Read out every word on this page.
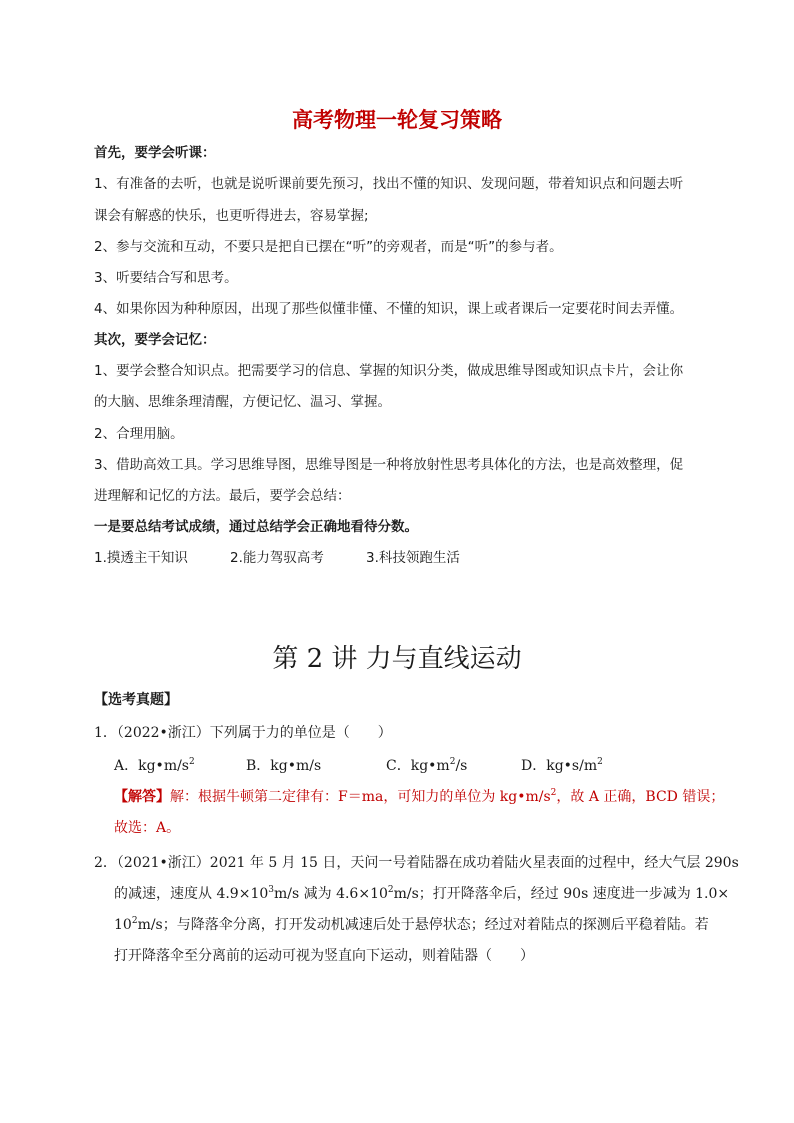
高考物理一轮复习策略
首先，要学会听课：
1、有准备的去听，也就是说听课前要先预习，找出不懂的知识、发现问题，带着知识点和问题去听
课会有解惑的快乐，也更听得进去，容易掌握;
2、参与交流和互动，不要只是把自已摆在“听”的旁观者，而是“听”的参与者。
3、听要结合写和思考。
4、如果你因为种种原因，出现了那些似懂非懂、不懂的知识，课上或者课后一定要花时间去弄懂。
其次，要学会记忆：
1、要学会整合知识点。把需要学习的信息、掌握的知识分类，做成思维导图或知识点卡片，会让你
的大脑、思维条理清醒，方便记忆、温习、掌握。
2、合理用脑。
3、借助高效工具。学习思维导图，思维导图是一种将放射性思考具体化的方法，也是高效整理，促
进理解和记忆的方法。最后，要学会总结：
一是要总结考试成绩，通过总结学会正确地看待分数。
1.摸透主干知识	2.能力驾驭高考	3.科技领跑生活
第 2 讲 力与直线运动
【选考真题】
1．（2022•浙江）下列属于力的单位是（　　）
A．$kg•m/s^2$	B．kg•m/s	C．$kg•m^2/s$	D．$kg•s/m^2$
【解答】解：根据牛顿第二定律有：F＝ma，可知力的单位为 $kg•m/s^2$，故 A 正确，BCD 错误；
故选：A。
2．（2021•浙江）2021 年 5 月 15 日，天问一号着陆器在成功着陆火星表面的过程中，经大气层 290s
的减速，速度从 $4.9\times 10^3m/s$ 减为 $4.6\times 10^2m/s$；打开降落伞后，经过 90s 速度进一步减为 1.0×
$10^2m/s$；与降落伞分离，打开发动机减速后处于悬停状态；经过对着陆点的探测后平稳着陆。若
打开降落伞至分离前的运动可视为竖直向下运动，则着陆器（　　）
